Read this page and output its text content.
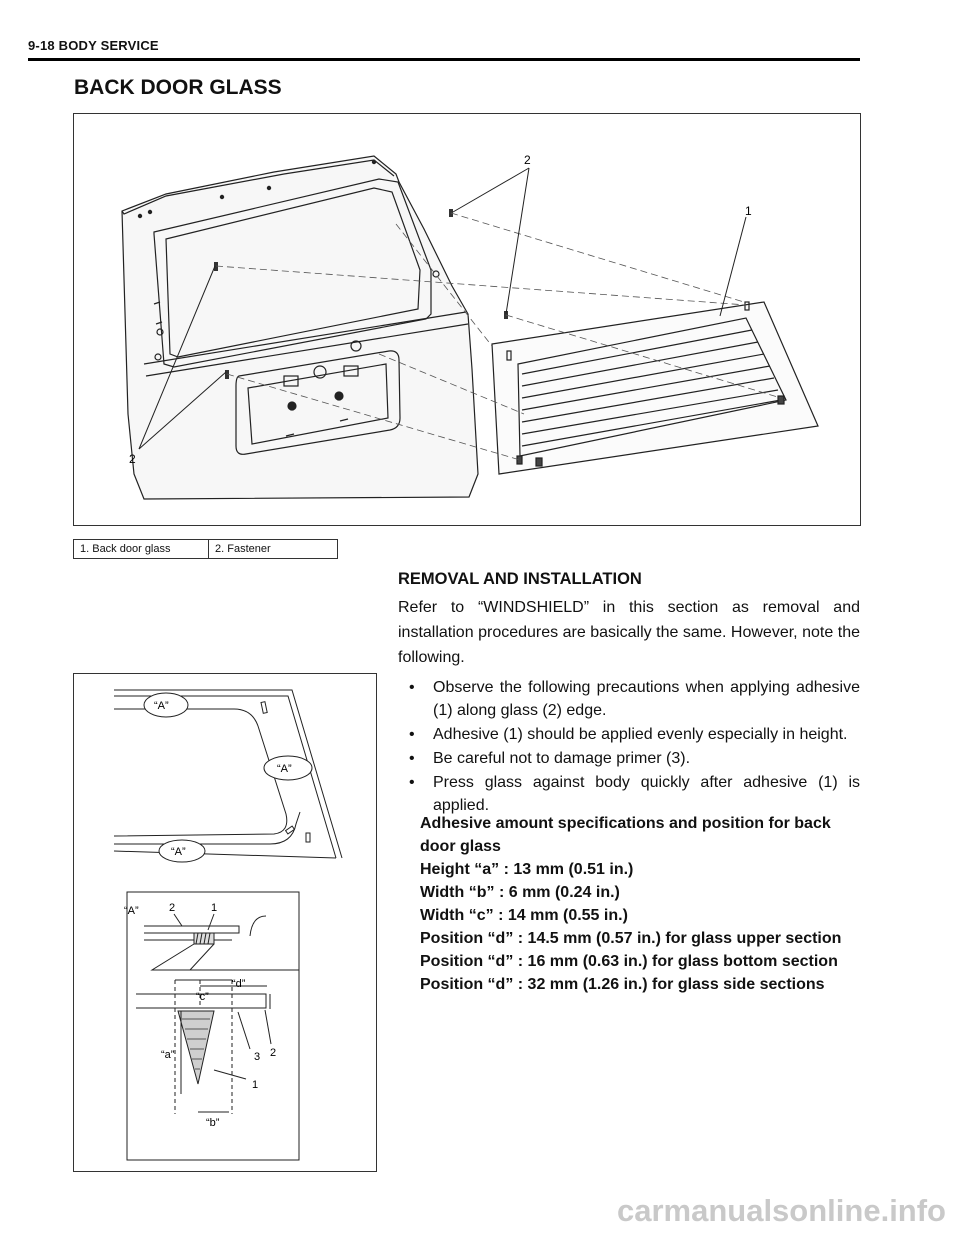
9-18 BODY SERVICE
BACK DOOR GLASS
2
1
2
1. Back door glass	2. Fastener
REMOVAL AND INSTALLATION

Refer to “WINDSHIELD” in this section as removal and installation procedures are basically the same. However, note the following.

• Observe the following precautions when applying adhesive (1) along glass (2) edge.
• Adhesive (1) should be applied evenly especially in height.
• Be careful not to damage primer (3).
• Press glass against body quickly after adhesive (1) is applied.
Adhesive amount specifications and position for back
door glass
Height “a” : 13 mm (0.51 in.)
Width “b” : 6 mm (0.24 in.)
Width “c” : 14 mm (0.55 in.)
Position “d” : 14.5 mm (0.57 in.) for glass upper section
Position “d” : 16 mm (0.63 in.) for glass bottom section
Position “d” : 32 mm (1.26 in.) for glass side sections
“A”
“A”
“A”
“A”	2	1
“d”
“c”
“a”
“b”
3 2
1
carmanualsonline.info
